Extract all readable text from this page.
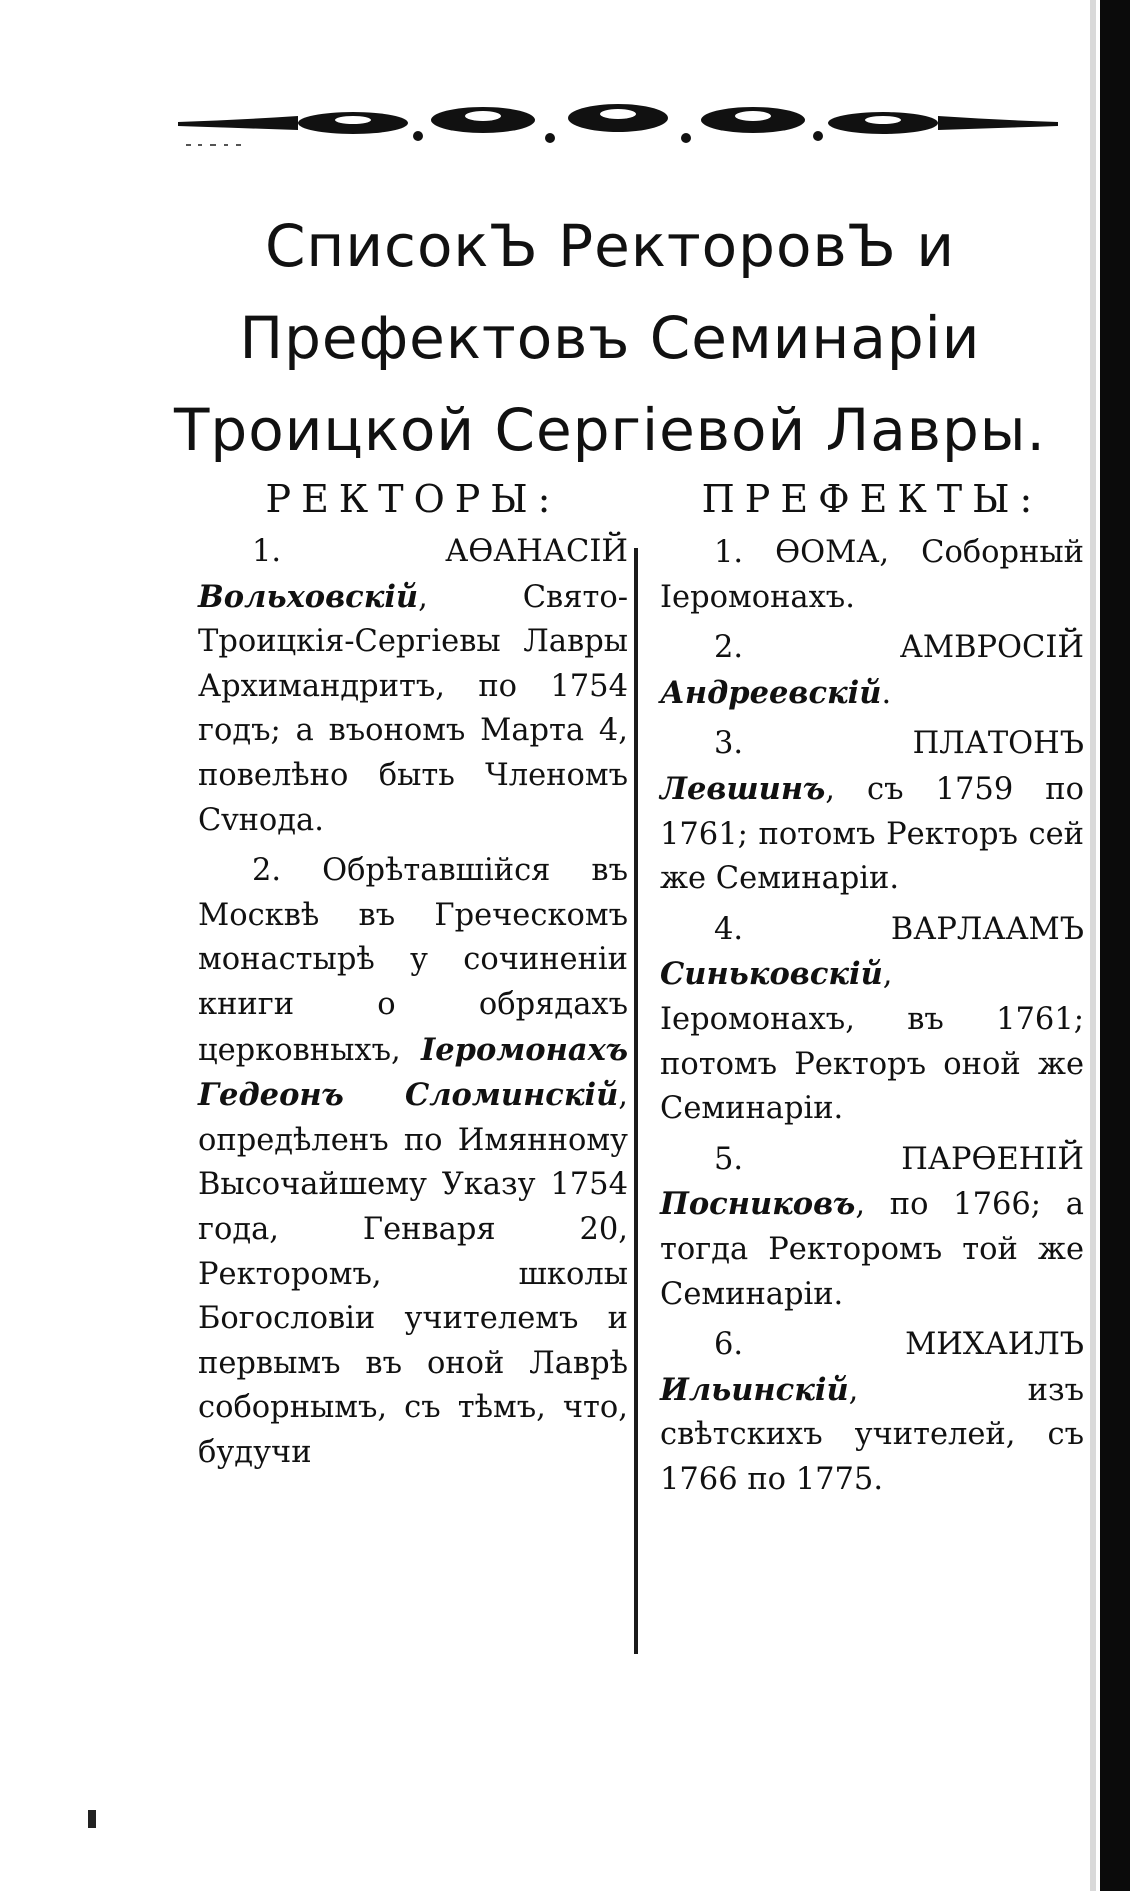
СписокЪ РекторовЪ и Префектовъ Семинаріи Троицкой Сергіевой Лавры.
РЕКТОРЫ:

1. АѲАНАСІЙ Вольховскій, Свято-Троицкія-Сергіевы Лавры Архимандритъ, по 1754 годъ; а въономъ Марта 4, повелѣно быть Членомъ Сvнода.

2. Обрѣтавшійся въ Москвѣ въ Греческомъ монастырѣ у сочиненіи книги о обрядахъ церковныхъ, Іеромонахъ Гедеонъ Сломинскій, опредѣленъ по Имянному Высочайшему Указу 1754 года, Генваря 20, Ректоромъ, школы Богословіи учителемъ и первымъ въ оной Лаврѣ соборнымъ, съ тѣмъ, что, будучи

ПРЕФЕКТЫ:

1. ѲОМА, Соборный Іеромонахъ.

2. АМВРОСІЙ Андреевскій.

3. ПЛАТОНЪ Левшинъ, съ 1759 по 1761; потомъ Ректоръ сей же Семинаріи.

4. ВАРЛААМЪ Синьковскій, Іеромонахъ, въ 1761; потомъ Ректоръ оной же Семинаріи.

5. ПАРѲЕНІЙ Посниковъ, по 1766; а тогда Ректоромъ той же Семинаріи.

6. МИХАИЛЪ Ильинскій, изъ свѣтскихъ учителей, съ 1766 по 1775.
